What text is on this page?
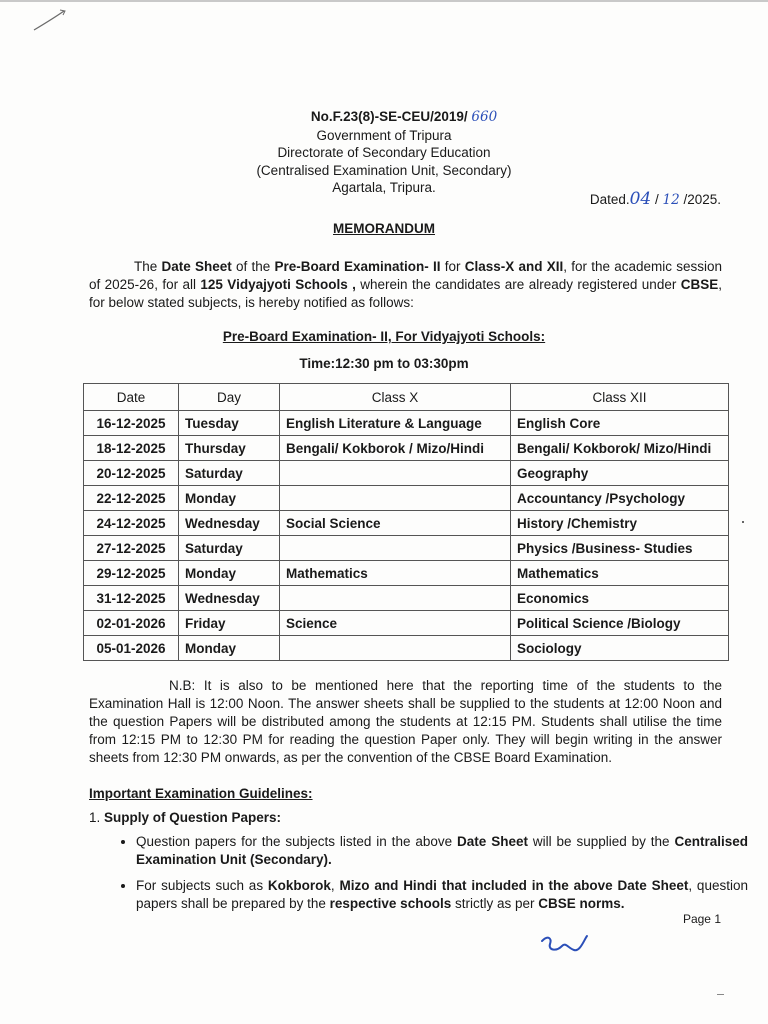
No.F.23(8)-SE-CEU/2019/ 660
Government of Tripura
Directorate of Secondary Education
(Centralised Examination Unit, Secondary)
Agartala, Tripura.
Dated.04 / 12 /2025.
MEMORANDUM
The Date Sheet of the Pre-Board Examination- II for Class-X and XII, for the academic session of 2025-26, for all 125 Vidyajyoti Schools , wherein the candidates are already registered under CBSE, for below stated subjects, is hereby notified as follows:
Pre-Board Examination- II, For Vidyajyoti Schools:
Time:12:30 pm to 03:30pm
Date	Day	Class X	Class XII
16-12-2025	Tuesday	English Literature & Language	English Core
18-12-2025	Thursday	Bengali/ Kokborok / Mizo/Hindi	Bengali/ Kokborok/ Mizo/Hindi
20-12-2025	Saturday		Geography
22-12-2025	Monday		Accountancy /Psychology
24-12-2025	Wednesday	Social Science	History /Chemistry
27-12-2025	Saturday		Physics /Business- Studies
29-12-2025	Monday	Mathematics	Mathematics
31-12-2025	Wednesday		Economics
02-01-2026	Friday	Science	Political Science /Biology
05-01-2026	Monday		Sociology
N.B: It is also to be mentioned here that the reporting time of the students to the Examination Hall is 12:00 Noon. The answer sheets shall be supplied to the students at 12:00 Noon and the question Papers will be distributed among the students at 12:15 PM. Students shall utilise the time from 12:15 PM to 12:30 PM for reading the question Paper only. They will begin writing in the answer sheets from 12:30 PM onwards, as per the convention of the CBSE Board Examination.
Important Examination Guidelines:
1. Supply of Question Papers:
• Question papers for the subjects listed in the above Date Sheet will be supplied by the Centralised Examination Unit (Secondary).
• For subjects such as Kokborok, Mizo and Hindi that included in the above Date Sheet, question papers shall be prepared by the respective schools strictly as per CBSE norms.
Page 1
